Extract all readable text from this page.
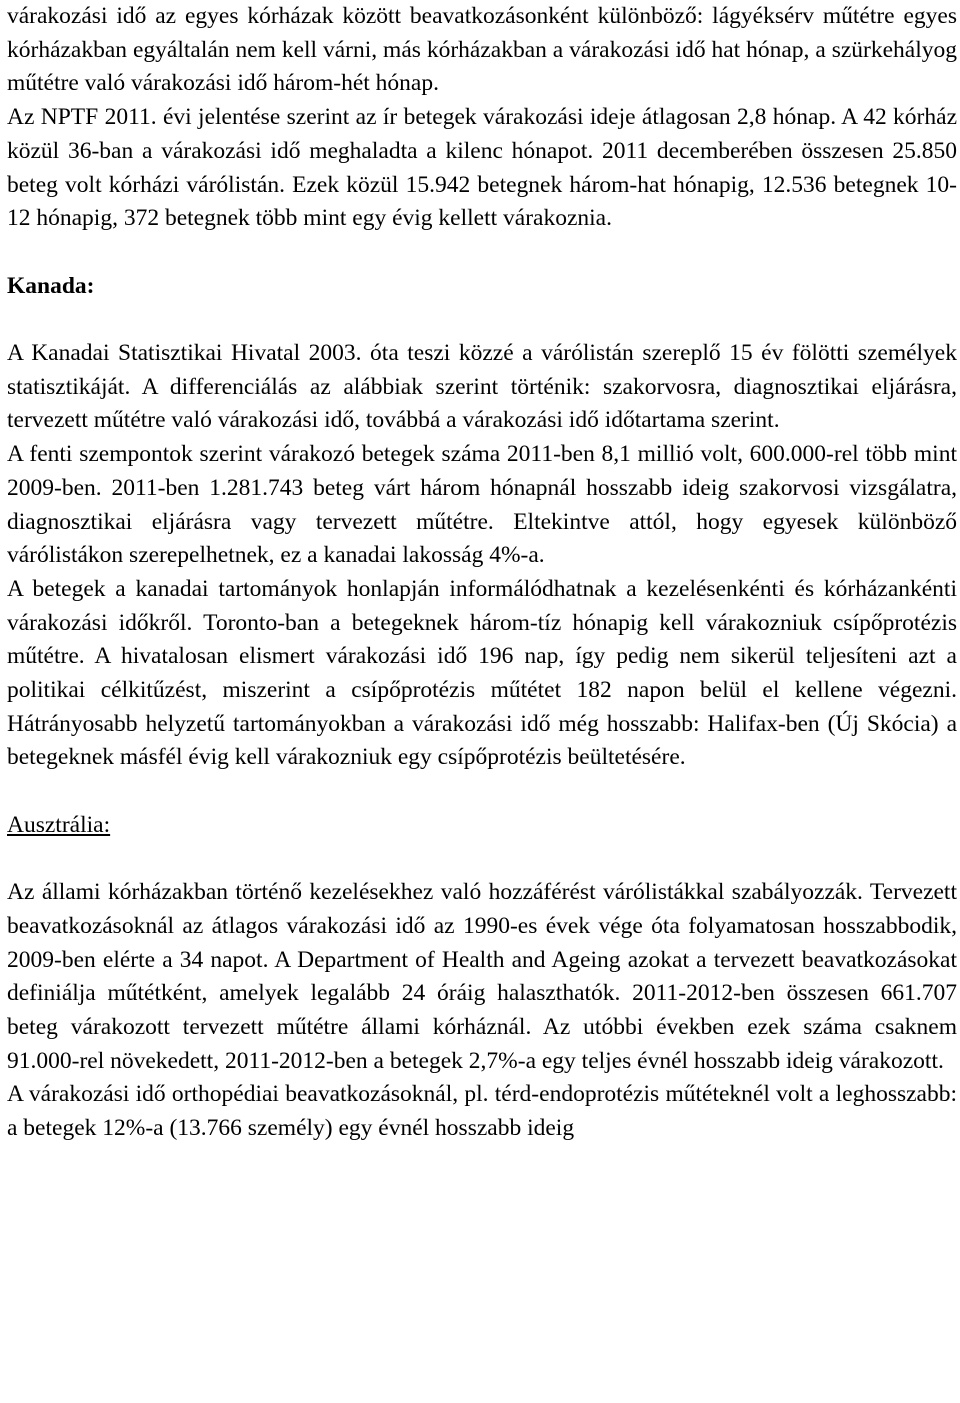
várakozási idő az egyes kórházak között beavatkozásonként különböző: lágyéksérv műtétre egyes kórházakban egyáltalán nem kell várni, más kórházakban a várakozási idő hat hónap, a szürkehályog műtétre való várakozási idő három-hét hónap.

Az NPTF 2011. évi jelentése szerint az ír betegek várakozási ideje átlagosan 2,8 hónap. A 42 kórház közül 36-ban a várakozási idő meghaladta a kilenc hónapot. 2011 decemberében összesen 25.850 beteg volt kórházi várólistán. Ezek közül 15.942 betegnek három-hat hónapig, 12.536 betegnek 10-12 hónapig, 372 betegnek több mint egy évig kellett várakoznia.

Kanada:

A Kanadai Statisztikai Hivatal 2003. óta teszi közzé a várólistán szereplő 15 év fölötti személyek statisztikáját. A differenciálás az alábbiak szerint történik: szakorvosra, diagnosztikai eljárásra, tervezett műtétre való várakozási idő, továbbá a várakozási idő időtartama szerint.

A fenti szempontok szerint várakozó betegek száma 2011-ben 8,1 millió volt, 600.000-rel több mint 2009-ben. 2011-ben 1.281.743 beteg várt három hónapnál hosszabb ideig szakorvosi vizsgálatra, diagnosztikai eljárásra vagy tervezett műtétre. Eltekintve attól, hogy egyesek különböző várólistákon szerepelhetnek, ez a kanadai lakosság 4%-a.

A betegek a kanadai tartományok honlapján informálódhatnak a kezelésenkénti és kórházankénti várakozási időkről. Toronto-ban a betegeknek három-tíz hónapig kell várakozniuk csípőprotézis műtétre. A hivatalosan elismert várakozási idő 196 nap, így pedig nem sikerül teljesíteni azt a politikai célkitűzést, miszerint a csípőprotézis műtétet 182 napon belül el kellene végezni. Hátrányosabb helyzetű tartományokban a várakozási idő még hosszabb: Halifax-ben (Új Skócia) a betegeknek másfél évig kell várakozniuk egy csípőprotézis beültetésére.

Ausztrália:

Az állami kórházakban történő kezelésekhez való hozzáférést várólistákkal szabályozzák. Tervezett beavatkozásoknál az átlagos várakozási idő az 1990-es évek vége óta folyamatosan hosszabbodik, 2009-ben elérte a 34 napot. A Department of Health and Ageing azokat a tervezett beavatkozásokat definiálja műtétként, amelyek legalább 24 óráig halaszthatók. 2011-2012-ben összesen 661.707 beteg várakozott tervezett műtétre állami kórháznál. Az utóbbi években ezek száma csaknem 91.000-rel növekedett, 2011-2012-ben a betegek 2,7%-a egy teljes évnél hosszabb ideig várakozott.

A várakozási idő orthopédiai beavatkozásoknál, pl. térd-endoprotézis műtéteknél volt a leghosszabb: a betegek 12%-a (13.766 személy) egy évnél hosszabb ideig
